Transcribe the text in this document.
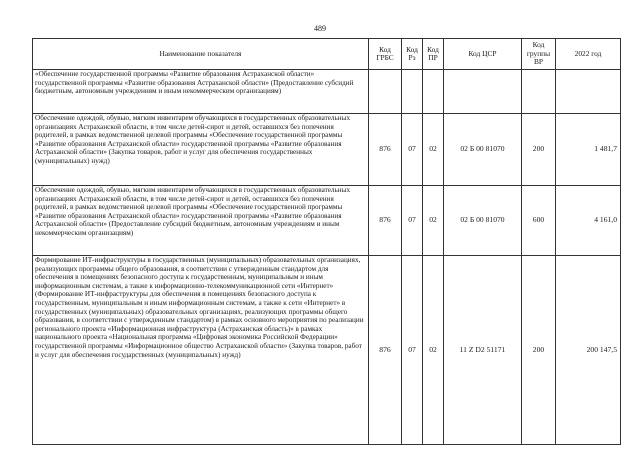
489
Наименование показателя	Код ГРБС	Код Рз	Код ПР	Код ЦСР	Код группы ВР	2022 год
«Обеспечение государственной программы «Развитие образования Астраханской области» государственной программы «Развитие образования Астраханской области» (Предоставление субсидий бюджетным, автономным учреждениям и иным некоммерческим организациям)						
Обеспечение одеждой, обувью, мягким инвентарем обучающихся в государственных образовательных организациях Астраханской области, в том числе детей-сирот и детей, оставшихся без попечения родителей, в рамках ведомственной целевой программы «Обеспечение государственной программы «Развитие образования Астраханской области» государственной программы «Развитие образования Астраханской области» (Закупка товаров, работ и услуг для обеспечения государственных (муниципальных) нужд)	876	07	02	02 Б 00 81070	200	1 481,7
Обеспечение одеждой, обувью, мягким инвентарем обучающихся в государственных образовательных организациях Астраханской области, в том числе детей-сирот и детей, оставшихся без попечения родителей, в рамках ведомственной целевой программы «Обеспечение государственной программы «Развитие образования Астраханской области» государственной программы «Развитие образования Астраханской области» (Предоставление субсидий бюджетным, автономным учреждениям и иным некоммерческим организациям)	876	07	02	02 Б 00 81070	600	4 161,0
Формирование ИТ-инфраструктуры в государственных (муниципальных) образовательных организациях, реализующих программы общего образования, в соответствии с утвержденным стандартом для обеспечения в помещениях безопасного доступа к государственным, муниципальным и иным информационным системам, а также к информационно-телекоммуникационной сети «Интернет» (Формирование ИТ-инфраструктуры для обеспечения в помещениях безопасного доступа к государственным, муниципальным и иным информационным системам, а также к сети «Интернет» в государственных (муниципальных) образовательных организациях, реализующих программы общего образования, в соответствии с утвержденным стандартом) в рамках основного мероприятия по реализации регионального проекта «Информационная инфраструктура (Астраханская область)» в рамках национального проекта «Национальная программа «Цифровая экономика Российской Федерации» государственной программы «Информационное общество Астраханской области» (Закупка товаров, работ и услуг для обеспечения государственных (муниципальных) нужд)	876	07	02	11 Z D2 51171	200	200 147,5
